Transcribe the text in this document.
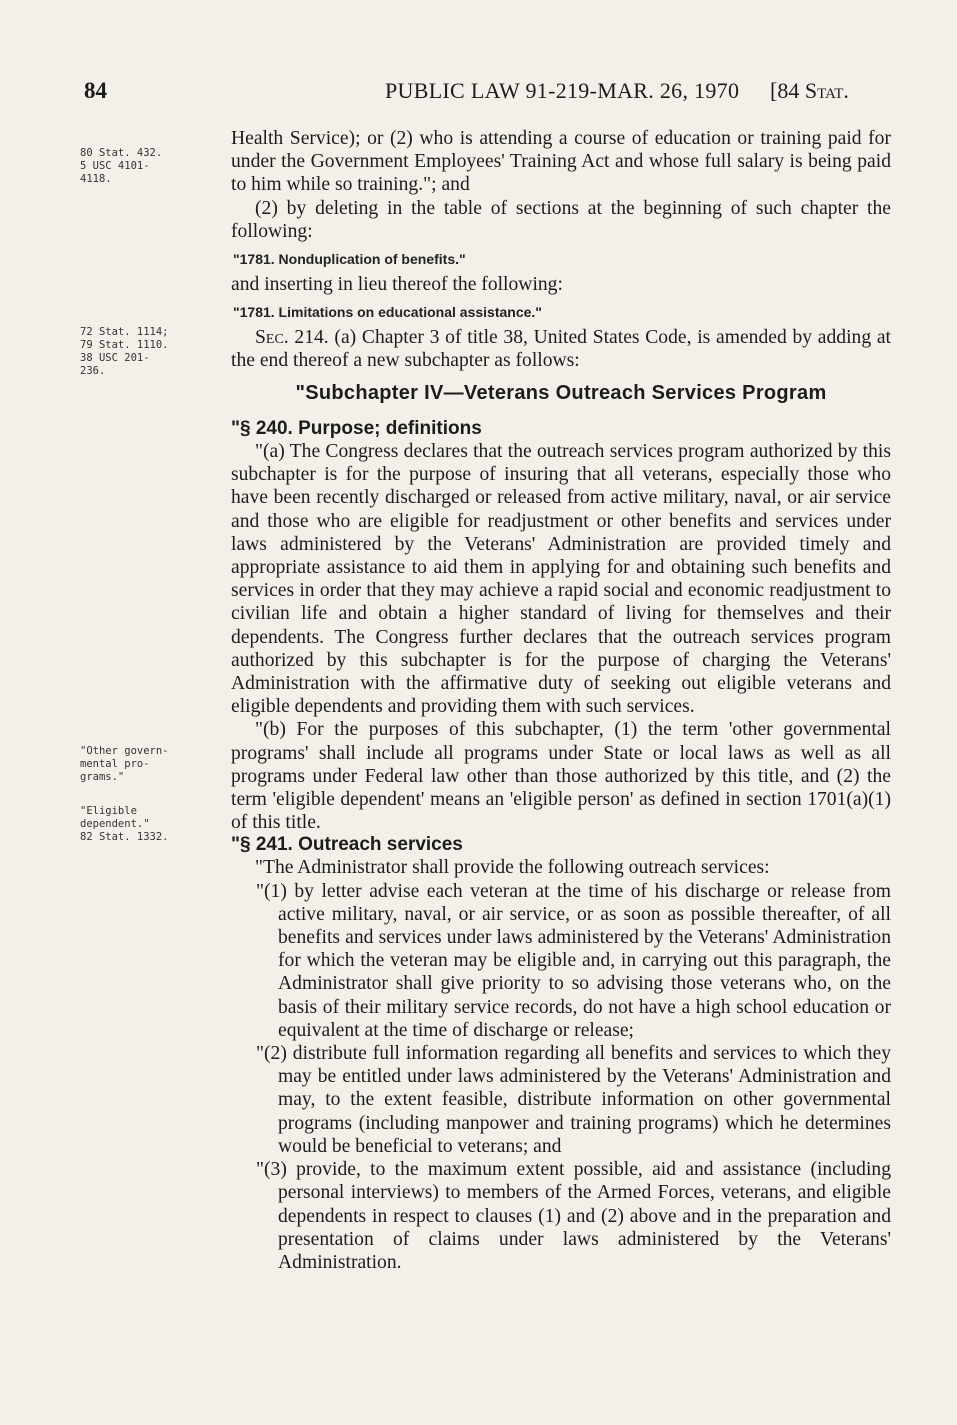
84	PUBLIC LAW 91-219-MAR. 26, 1970 [84 Stat.
80 Stat. 432.
5 USC 4101-
4118.
72 Stat. 1114;
79 Stat. 1110.
38 USC 201-
236.
"Other govern-
mental pro-
grams."
"Eligible
dependent."
82 Stat. 1332.

Health Service); or (2) who is attending a course of education or training paid for under the Government Employees' Training Act and whose full salary is being paid to him while so training."; and

(2) by deleting in the table of sections at the beginning of such chapter the following:

"1781. Nonduplication of benefits."

and inserting in lieu thereof the following:

"1781. Limitations on educational assistance."

Sec. 214. (a) Chapter 3 of title 38, United States Code, is amended by adding at the end thereof a new subchapter as follows:

"Subchapter IV—Veterans Outreach Services Program

"§ 240. Purpose; definitions

"(a) The Congress declares that the outreach services program authorized by this subchapter is for the purpose of insuring that all veterans, especially those who have been recently discharged or released from active military, naval, or air service and those who are eligible for readjustment or other benefits and services under laws administered by the Veterans' Administration are provided timely and appropriate assistance to aid them in applying for and obtaining such benefits and services in order that they may achieve a rapid social and economic readjustment to civilian life and obtain a higher standard of living for themselves and their dependents. The Congress further declares that the outreach services program authorized by this subchapter is for the purpose of charging the Veterans' Administration with the affirmative duty of seeking out eligible veterans and eligible dependents and providing them with such services.

"(b) For the purposes of this subchapter, (1) the term 'other governmental programs' shall include all programs under State or local laws as well as all programs under Federal law other than those authorized by this title, and (2) the term 'eligible dependent' means an 'eligible person' as defined in section 1701(a)(1) of this title.

"§ 241. Outreach services

"The Administrator shall provide the following outreach services:

"(1) by letter advise each veteran at the time of his discharge or release from active military, naval, or air service, or as soon as possible thereafter, of all benefits and services under laws administered by the Veterans' Administration for which the veteran may be eligible and, in carrying out this paragraph, the Administrator shall give priority to so advising those veterans who, on the basis of their military service records, do not have a high school education or equivalent at the time of discharge or release;

"(2) distribute full information regarding all benefits and services to which they may be entitled under laws administered by the Veterans' Administration and may, to the extent feasible, distribute information on other governmental programs (including manpower and training programs) which he determines would be beneficial to veterans; and

"(3) provide, to the maximum extent possible, aid and assistance (including personal interviews) to members of the Armed Forces, veterans, and eligible dependents in respect to clauses (1) and (2) above and in the preparation and presentation of claims under laws administered by the Veterans' Administration.
